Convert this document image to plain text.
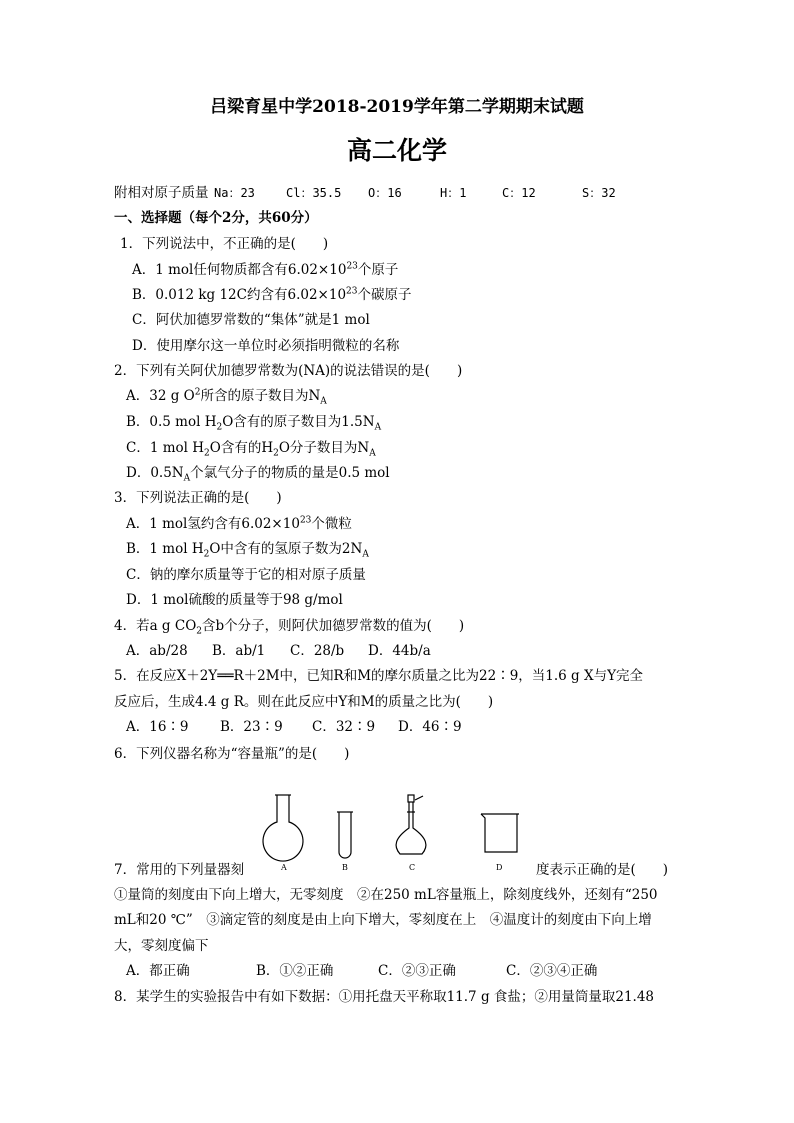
吕梁育星中学2018-2019学年第二学期期末试题
高二化学
附相对原子质量 Na：23	Cl：35.5 O：16	H：1	C：12	S：32
一、选择题（每个2分，共60分）
1．下列说法中，不正确的是(　　)
A．1 mol任何物质都含有$6.02\times 10^{23}$个原子
B．0.012 kg 12C约含有$6.02\times 10^{23}$个碳原子
C．阿伏加德罗常数的“集体”就是1 mol
D．使用摩尔这一单位时必须指明微粒的名称
2．下列有关阿伏加德罗常数为(NA)的说法错误的是(　　)
A．32 g $O^2$所含的原子数目为$N_A$
B．0.5 mol $H_2O$含有的原子数目为$1.5N_A$
C．1 mol $H_2O$含有的$H_2O$分子数目为$N_A$
D．$0.5N_A$个氯气分子的物质的量是0.5 mol
3．下列说法正确的是(　　)
A．1 mol氢约含有$6.02\times 10^{23}$个微粒
B．1 mol $H_2O$中含有的氢原子数为$2N_A$
C．钠的摩尔质量等于它的相对原子质量
D．1 mol硫酸的质量等于98 g/mol
4．若a g $CO_2$含b个分子，则阿伏加德罗常数的值为(　　)
A．ab/28 B．ab/1 C．28/b D．44b/a
5．在反应X＋2Y══R＋2M中，已知R和M的摩尔质量之比为22∶9，当1.6 g X与Y完全
反应后，生成4.4 g R。则在此反应中Y和M的质量之比为(　　)
A．16∶9 B．23∶9 C．32∶9 D．46∶9
6．下列仪器名称为“容量瓶”的是(　　)
A	B	C	D
7．常用的下列量器刻	度表示正确的是(　　)
①量筒的刻度由下向上增大，无零刻度　②在250 mL容量瓶上，除刻度线外，还刻有“250
mL和20 ℃”　③滴定管的刻度是由上向下增大，零刻度在上　④温度计的刻度由下向上增
大，零刻度偏下
A．都正确	B．①②正确	C．②③正确	C．②③④正确
8．某学生的实验报告中有如下数据：①用托盘天平称取11.7 g 食盐；②用量筒量取21.48
